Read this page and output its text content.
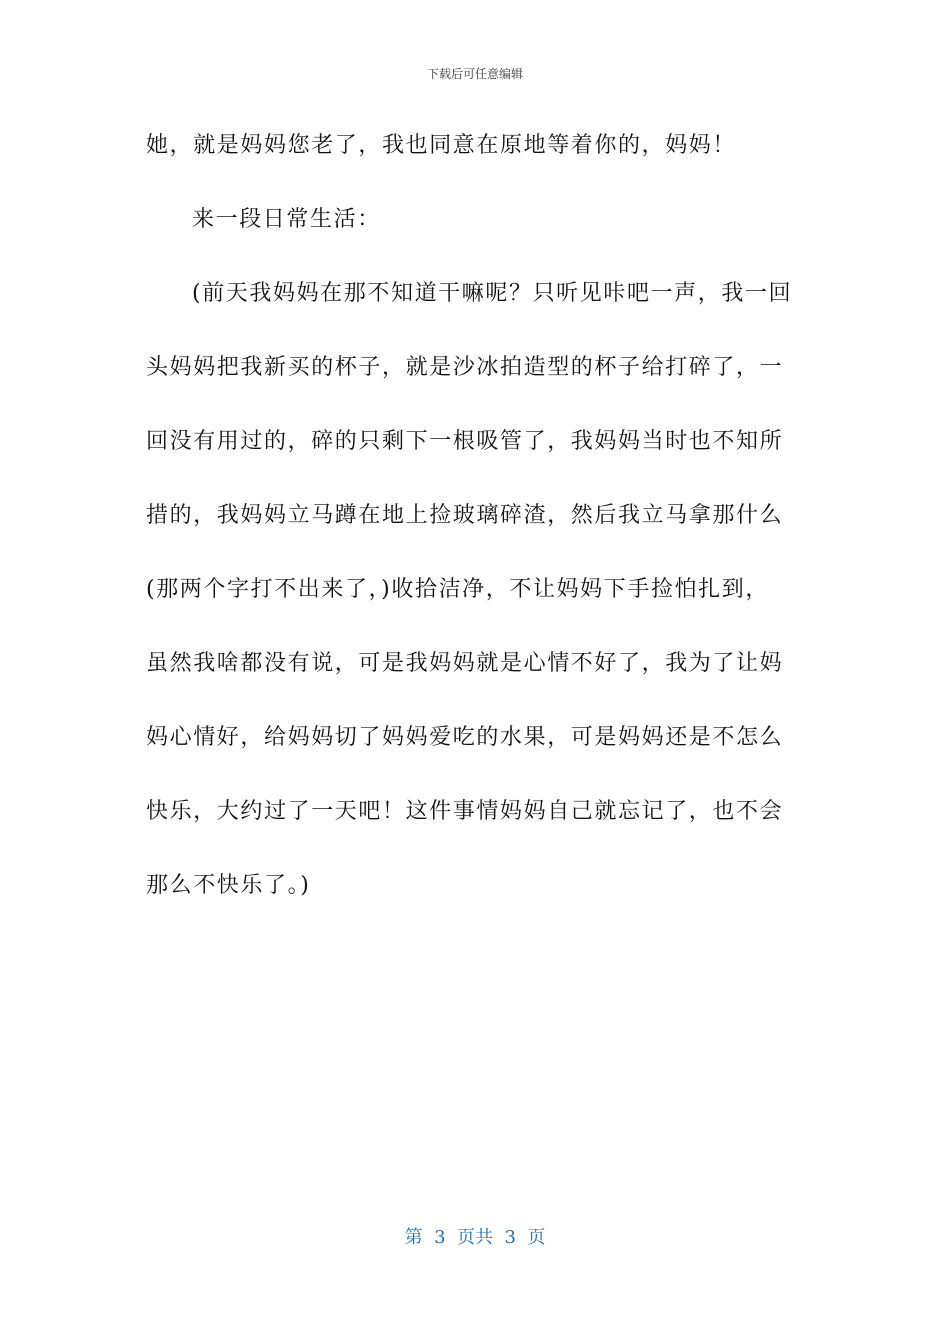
下载后可任意编辑
她，就是妈妈您老了，我也同意在原地等着你的，妈妈！
来一段日常生活：
(前天我妈妈在那不知道干嘛呢？只听见咔吧一声，我一回
头妈妈把我新买的杯子，就是沙冰拍造型的杯子给打碎了，一
回没有用过的，碎的只剩下一根吸管了，我妈妈当时也不知所
措的，我妈妈立马蹲在地上捡玻璃碎渣，然后我立马拿那什么
(那两个字打不出来了，)收拾洁净，不让妈妈下手捡怕扎到，
虽然我啥都没有说，可是我妈妈就是心情不好了，我为了让妈
妈心情好，给妈妈切了妈妈爱吃的水果，可是妈妈还是不怎么
快乐，大约过了一天吧！这件事情妈妈自己就忘记了，也不会
那么不快乐了。)
第  3  页共  3  页
